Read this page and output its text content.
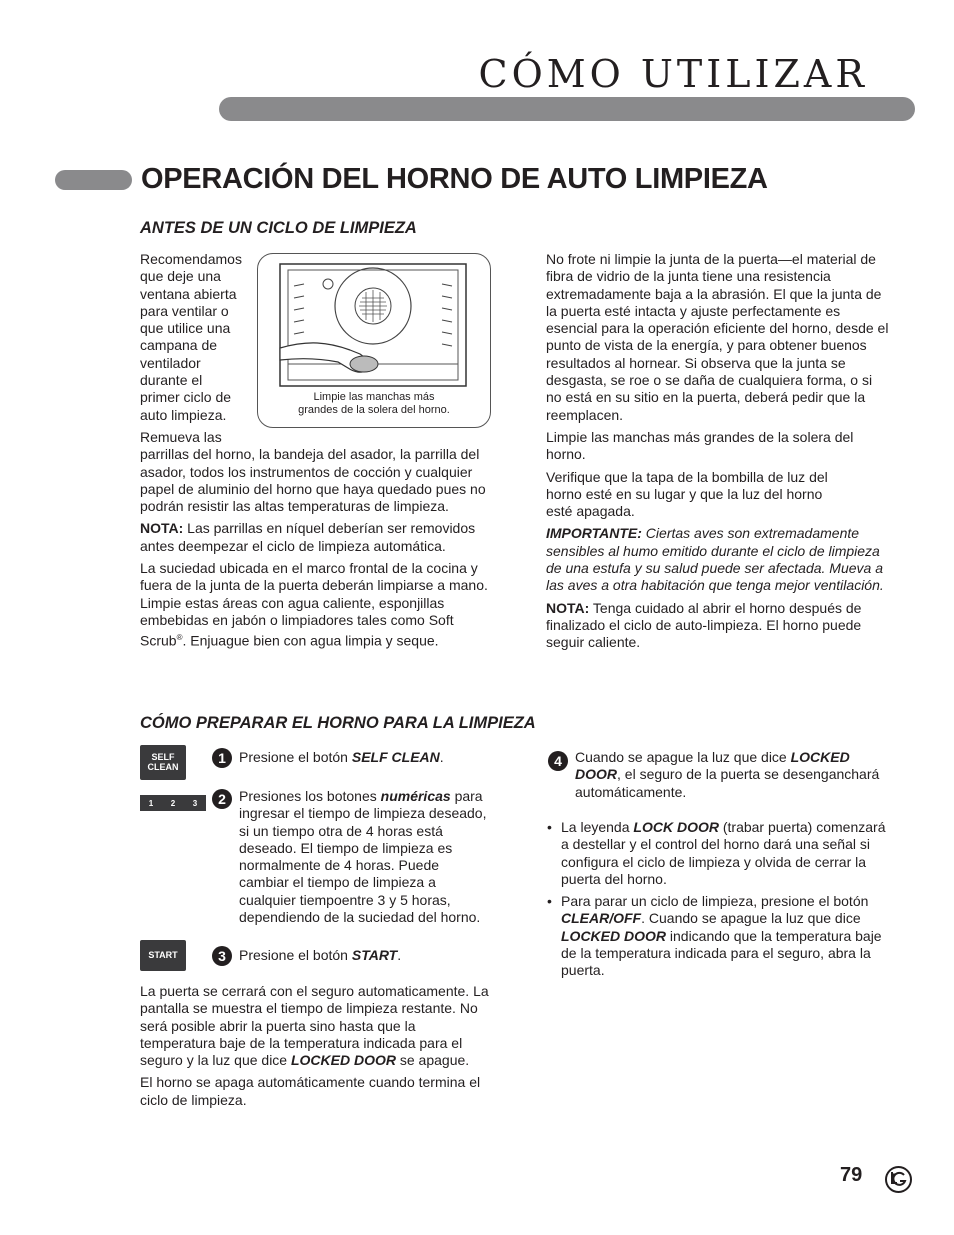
CÓMO UTILIZAR
OPERACIÓN DEL HORNO DE AUTO LIMPIEZA
ANTES DE UN CICLO DE LIMPIEZA
Recomendamos
que deje una
ventana abierta
para ventilar o
que utilice una
campana de
ventilador
durante el
primer ciclo de
auto limpieza.

Remueva las
parrillas del horno, la bandeja del asador, la parrilla del asador, todos los instrumentos de cocción y cualquier papel de aluminio del horno que haya quedado pues no podrán resistir las altas temperaturas de limpieza.

NOTA: Las parrillas en níquel deberían ser removidos antes deempezar el ciclo de limpieza automática.

La suciedad ubicada en el marco frontal de la cocina y fuera de la junta de la puerta deberán limpiarse a mano. Limpie estas áreas con agua caliente, esponjillas embebidas en jabón o limpiadores tales como Soft Scrub®. Enjuague bien con agua limpia y seque.

Limpie las manchas más
grandes de la solera del horno.

No frote ni limpie la junta de la puerta—el material de fibra de vidrio de la junta tiene una resistencia extremadamente baja a la abrasión. El que la junta de la puerta esté intacta y ajuste perfectamente es esencial para la operación eficiente del horno, desde el punto de vista de la energía, y para obtener buenos resultados al hornear. Si observa que la junta se desgasta, se roe o se daña de cualquiera forma, o si no está en su sitio en la puerta, deberá pedir que la reemplacen.

Limpie las manchas más grandes de la solera del horno.

Verifique que la tapa de la bombilla de luz del horno esté en su lugar y que la luz del horno esté apagada.

IMPORTANTE: Ciertas aves son extremadamente sensibles al humo emitido durante el ciclo de limpieza de una estufa y su salud puede ser afectada. Mueva a las aves a otra habitación que tenga mejor ventilación.

NOTA: Tenga cuidado al abrir el horno después de finalizado el ciclo de auto-limpieza. El horno puede seguir caliente.

CÓMO PREPARAR EL HORNO PARA LA LIMPIEZA
SELF
CLEAN
1 2 3
START
1 Presione el botón SELF CLEAN.
2 Presiones los botones numéricas para ingresar el tiempo de limpieza deseado, si un tiempo otra de 4 horas está deseado. El tiempo de limpieza es normalmente de 4 horas. Puede cambiar el tiempo de limpieza a cualquier tiempoentre 3 y 5 horas, dependiendo de la suciedad del horno.
3 Presione el botón START.

La puerta se cerrará con el seguro automaticamente. La pantalla se muestra el tiempo de limpieza restante. No será posible abrir la puerta sino hasta que la temperatura baje de la temperatura indicada para el seguro y la luz que dice LOCKED DOOR se apague.

El horno se apaga automáticamente cuando termina el ciclo de limpieza.

4 Cuando se apague la luz que dice LOCKED DOOR, el seguro de la puerta se desenganchará automáticamente.
• La leyenda LOCK DOOR (trabar puerta) comenzará a destellar y el control del horno dará una señal si configura el ciclo de limpieza y olvida de cerrar la puerta del horno.
• Para parar un ciclo de limpieza, presione el botón CLEAR/OFF. Cuando se apague la luz que dice LOCKED DOOR indicando que la temperatura baje de la temperatura indicada para el seguro, abra la puerta.
79
